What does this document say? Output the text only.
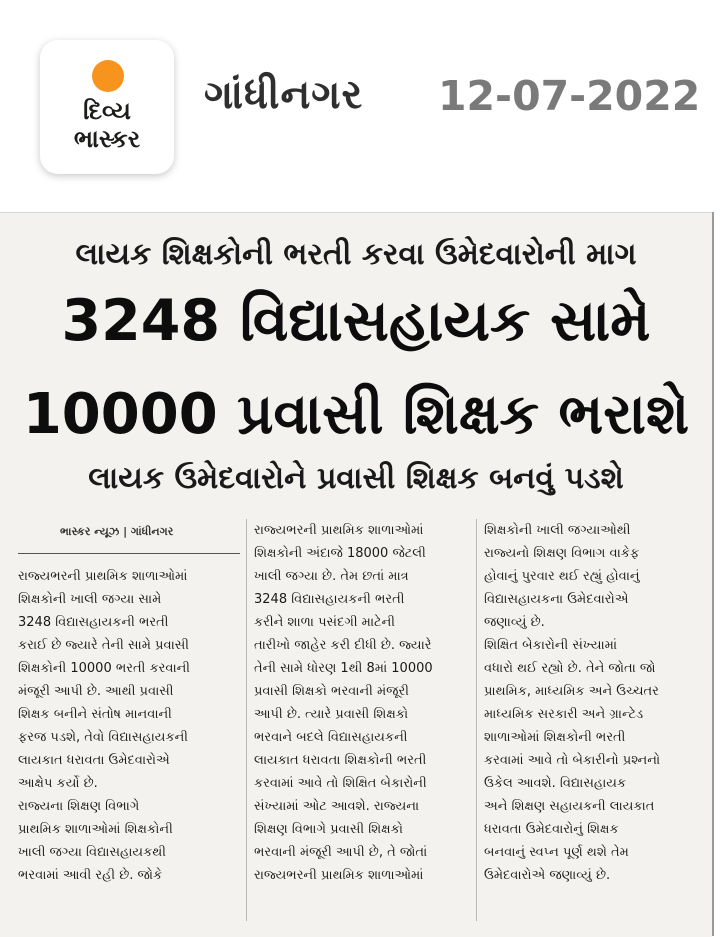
દિવ્ય
ભાસ્કર
ગાંધીનગર 12-07-2022
લાયક શિક્ષકોની ભરતી કરવા ઉમેદવારોની માગ
3248 વિદ્યાસહાયક સામે
10000 પ્રવાસી શિક્ષક ભરાશે
લાયક ઉમેદવારોને પ્રવાસી શિક્ષક બનવું પડશે
ભાસ્કર ન્યૂઝ | ગાંધીનગર
રાજ્યભરની પ્રાથમિક શાળાઓમાં
શિક્ષકોની ખાલી જગ્યા સામે
3248 વિદ્યાસહાયકની ભરતી
કરાઈ છે જ્યારે તેની સામે પ્રવાસી
શિક્ષકોની 10000 ભરતી કરવાની
મંજૂરી આપી છે. આથી પ્રવાસી
શિક્ષક બનીને સંતોષ માનવાની
ફરજ પડશે, તેવો વિદ્યાસહાયકની
લાયકાત ધરાવતા ઉમેદવારોએ
આક્ષેપ કર્યો છે.
રાજ્યના શિક્ષણ વિભાગે
પ્રાથમિક શાળાઓમાં શિક્ષકોની
ખાલી જગ્યા વિદ્યાસહાયકથી
ભરવામાં આવી રહી છે. જોકે
રાજ્યભરની પ્રાથમિક શાળાઓમાં
શિક્ષકોની અંદાજે 18000 જેટલી
ખાલી જગ્યા છે. તેમ છતાં માત્ર
3248 વિદ્યાસહાયકની ભરતી
કરીને શાળા પસંદગી માટેની
તારીખો જાહેર કરી દીધી છે. જ્યારે
તેની સામે ધોરણ 1થી 8માં 10000
પ્રવાસી શિક્ષકો ભરવાની મંજૂરી
આપી છે. ત્યારે પ્રવાસી શિક્ષકો
ભરવાને બદલે વિદ્યાસહાયકની
લાયકાત ધરાવતા શિક્ષકોની ભરતી
કરવામાં આવે તો શિક્ષિત બેકારોની
સંખ્યામાં ઓટ આવશે. રાજ્યના
શિક્ષણ વિભાગે પ્રવાસી શિક્ષકો
ભરવાની મંજૂરી આપી છે, તે જોતાં
રાજ્યભરની પ્રાથમિક શાળાઓમાં
શિક્ષકોની ખાલી જગ્યાઓથી
રાજ્યનો શિક્ષણ વિભાગ વાકેફ
હોવાનું પુરવાર થઈ રહ્યું હોવાનું
વિદ્યાસહાયકના ઉમેદવારોએ
જણાવ્યું છે.
શિક્ષિત બેકારોની સંખ્યામાં
વધારો થઈ રહ્યો છે. તેને જોતા જો
પ્રાથમિક, માધ્યમિક અને ઉચ્ચતર
માધ્યમિક સરકારી અને ગ્રાન્ટેડ
શાળાઓમાં શિક્ષકોની ભરતી
કરવામાં આવે તો બેકારીનો પ્રશ્નનો
ઉકેલ આવશે. વિદ્યાસહાયક
અને શિક્ષણ સહાયકની લાયકાત
ધરાવતા ઉમેદવારોનું શિક્ષક
બનવાનું સ્વપ્ન પૂર્ણ થશે તેમ
ઉમેદવારોએ જણાવ્યું છે.
